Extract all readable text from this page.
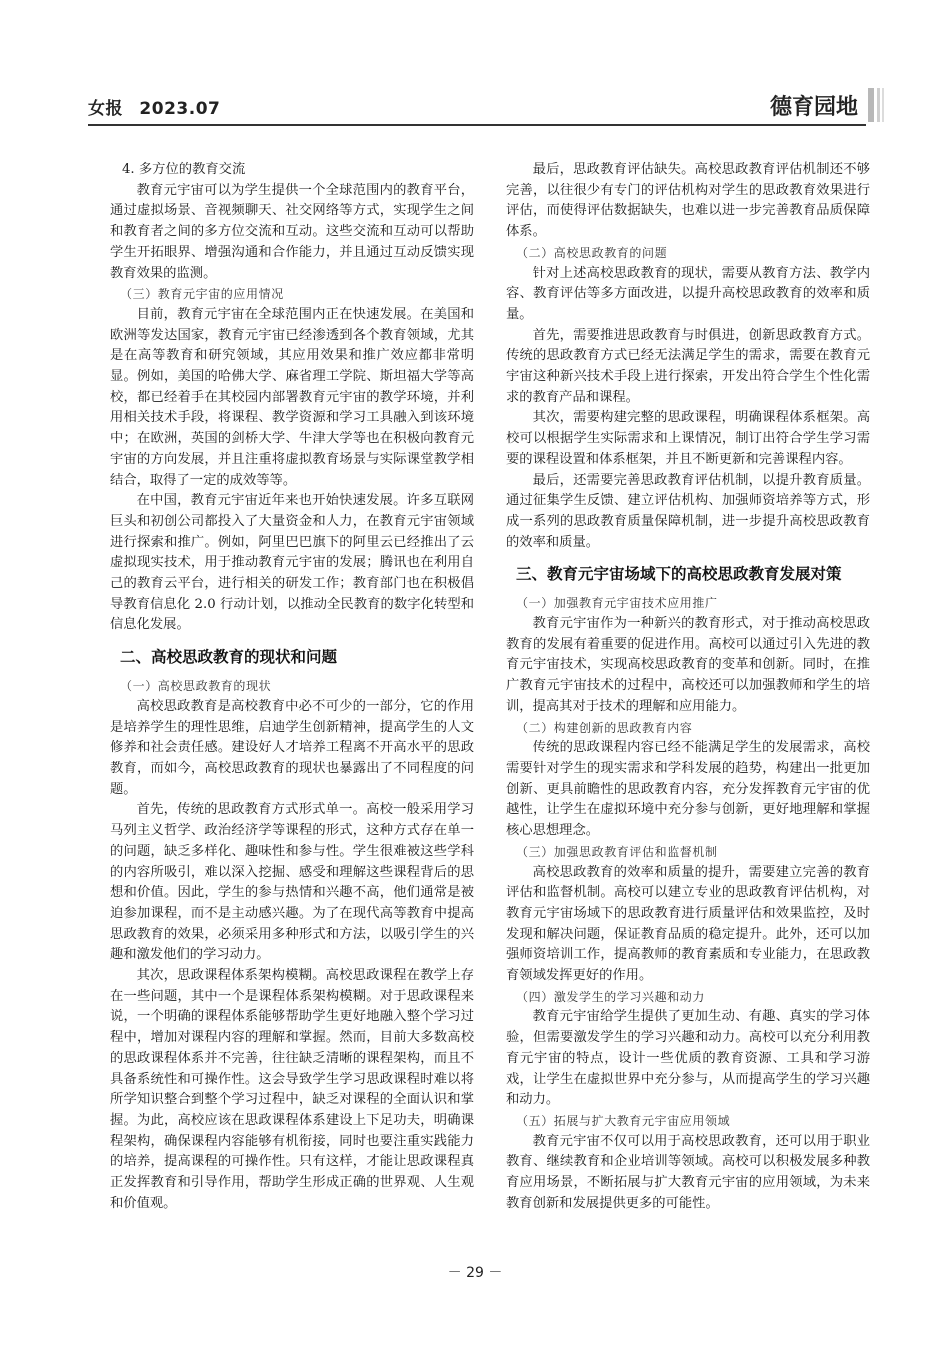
女报 2023.07	德育园地

4. 多方位的教育交流

教育元宇宙可以为学生提供一个全球范围内的教育平台，通过虚拟场景、音视频聊天、社交网络等方式，实现学生之间和教育者之间的多方位交流和互动。这些交流和互动可以帮助学生开拓眼界、增强沟通和合作能力，并且通过互动反馈实现教育效果的监测。

（三）教育元宇宙的应用情况

目前，教育元宇宙在全球范围内正在快速发展。在美国和欧洲等发达国家，教育元宇宙已经渗透到各个教育领域，尤其是在高等教育和研究领域，其应用效果和推广效应都非常明显。例如，美国的哈佛大学、麻省理工学院、斯坦福大学等高校，都已经着手在其校园内部署教育元宇宙的教学环境，并利用相关技术手段，将课程、教学资源和学习工具融入到该环境中；在欧洲，英国的剑桥大学、牛津大学等也在积极向教育元宇宙的方向发展，并且注重将虚拟教育场景与实际课堂教学相结合，取得了一定的成效等等。

在中国，教育元宇宙近年来也开始快速发展。许多互联网巨头和初创公司都投入了大量资金和人力，在教育元宇宙领域进行探索和推广。例如，阿里巴巴旗下的阿里云已经推出了云虚拟现实技术，用于推动教育元宇宙的发展；腾讯也在利用自己的教育云平台，进行相关的研发工作；教育部门也在积极倡导教育信息化 2.0 行动计划，以推动全民教育的数字化转型和信息化发展。

二、高校思政教育的现状和问题

（一）高校思政教育的现状

高校思政教育是高校教育中必不可少的一部分，它的作用是培养学生的理性思维，启迪学生创新精神，提高学生的人文修养和社会责任感。建设好人才培养工程离不开高水平的思政教育，而如今，高校思政教育的现状也暴露出了不同程度的问题。

首先，传统的思政教育方式形式单一。高校一般采用学习马列主义哲学、政治经济学等课程的形式，这种方式存在单一的问题，缺乏多样化、趣味性和参与性。学生很难被这些学科的内容所吸引，难以深入挖掘、感受和理解这些课程背后的思想和价值。因此，学生的参与热情和兴趣不高，他们通常是被迫参加课程，而不是主动感兴趣。为了在现代高等教育中提高思政教育的效果，必须采用多种形式和方法，以吸引学生的兴趣和激发他们的学习动力。

其次，思政课程体系架构模糊。高校思政课程在教学上存在一些问题，其中一个是课程体系架构模糊。对于思政课程来说，一个明确的课程体系能够帮助学生更好地融入整个学习过程中，增加对课程内容的理解和掌握。然而，目前大多数高校的思政课程体系并不完善，往往缺乏清晰的课程架构，而且不具备系统性和可操作性。这会导致学生学习思政课程时难以将所学知识整合到整个学习过程中，缺乏对课程的全面认识和掌握。为此，高校应该在思政课程体系建设上下足功夫，明确课程架构，确保课程内容能够有机衔接，同时也要注重实践能力的培养，提高课程的可操作性。只有这样，才能让思政课程真正发挥教育和引导作用，帮助学生形成正确的世界观、人生观和价值观。

最后，思政教育评估缺失。高校思政教育评估机制还不够完善，以往很少有专门的评估机构对学生的思政教育效果进行评估，而使得评估数据缺失，也难以进一步完善教育品质保障体系。

（二）高校思政教育的问题

针对上述高校思政教育的现状，需要从教育方法、教学内容、教育评估等多方面改进，以提升高校思政教育的效率和质量。

首先，需要推进思政教育与时俱进，创新思政教育方式。传统的思政教育方式已经无法满足学生的需求，需要在教育元宇宙这种新兴技术手段上进行探索，开发出符合学生个性化需求的教育产品和课程。

其次，需要构建完整的思政课程，明确课程体系框架。高校可以根据学生实际需求和上课情况，制订出符合学生学习需要的课程设置和体系框架，并且不断更新和完善课程内容。

最后，还需要完善思政教育评估机制，以提升教育质量。通过征集学生反馈、建立评估机构、加强师资培养等方式，形成一系列的思政教育质量保障机制，进一步提升高校思政教育的效率和质量。

三、教育元宇宙场域下的高校思政教育发展对策

（一）加强教育元宇宙技术应用推广

教育元宇宙作为一种新兴的教育形式，对于推动高校思政教育的发展有着重要的促进作用。高校可以通过引入先进的教育元宇宙技术，实现高校思政教育的变革和创新。同时，在推广教育元宇宙技术的过程中，高校还可以加强教师和学生的培训，提高其对于技术的理解和应用能力。

（二）构建创新的思政教育内容

传统的思政课程内容已经不能满足学生的发展需求，高校需要针对学生的现实需求和学科发展的趋势，构建出一批更加创新、更具前瞻性的思政教育内容，充分发挥教育元宇宙的优越性，让学生在虚拟环境中充分参与创新，更好地理解和掌握核心思想理念。

（三）加强思政教育评估和监督机制

高校思政教育的效率和质量的提升，需要建立完善的教育评估和监督机制。高校可以建立专业的思政教育评估机构，对教育元宇宙场域下的思政教育进行质量评估和效果监控，及时发现和解决问题，保证教育品质的稳定提升。此外，还可以加强师资培训工作，提高教师的教育素质和专业能力，在思政教育领域发挥更好的作用。

（四）激发学生的学习兴趣和动力

教育元宇宙给学生提供了更加生动、有趣、真实的学习体验，但需要激发学生的学习兴趣和动力。高校可以充分利用教育元宇宙的特点，设计一些优质的教育资源、工具和学习游戏，让学生在虚拟世界中充分参与，从而提高学生的学习兴趣和动力。

（五）拓展与扩大教育元宇宙应用领域

教育元宇宙不仅可以用于高校思政教育，还可以用于职业教育、继续教育和企业培训等领域。高校可以积极发展多种教育应用场景，不断拓展与扩大教育元宇宙的应用领域，为未来教育创新和发展提供更多的可能性。

－ 29 －
